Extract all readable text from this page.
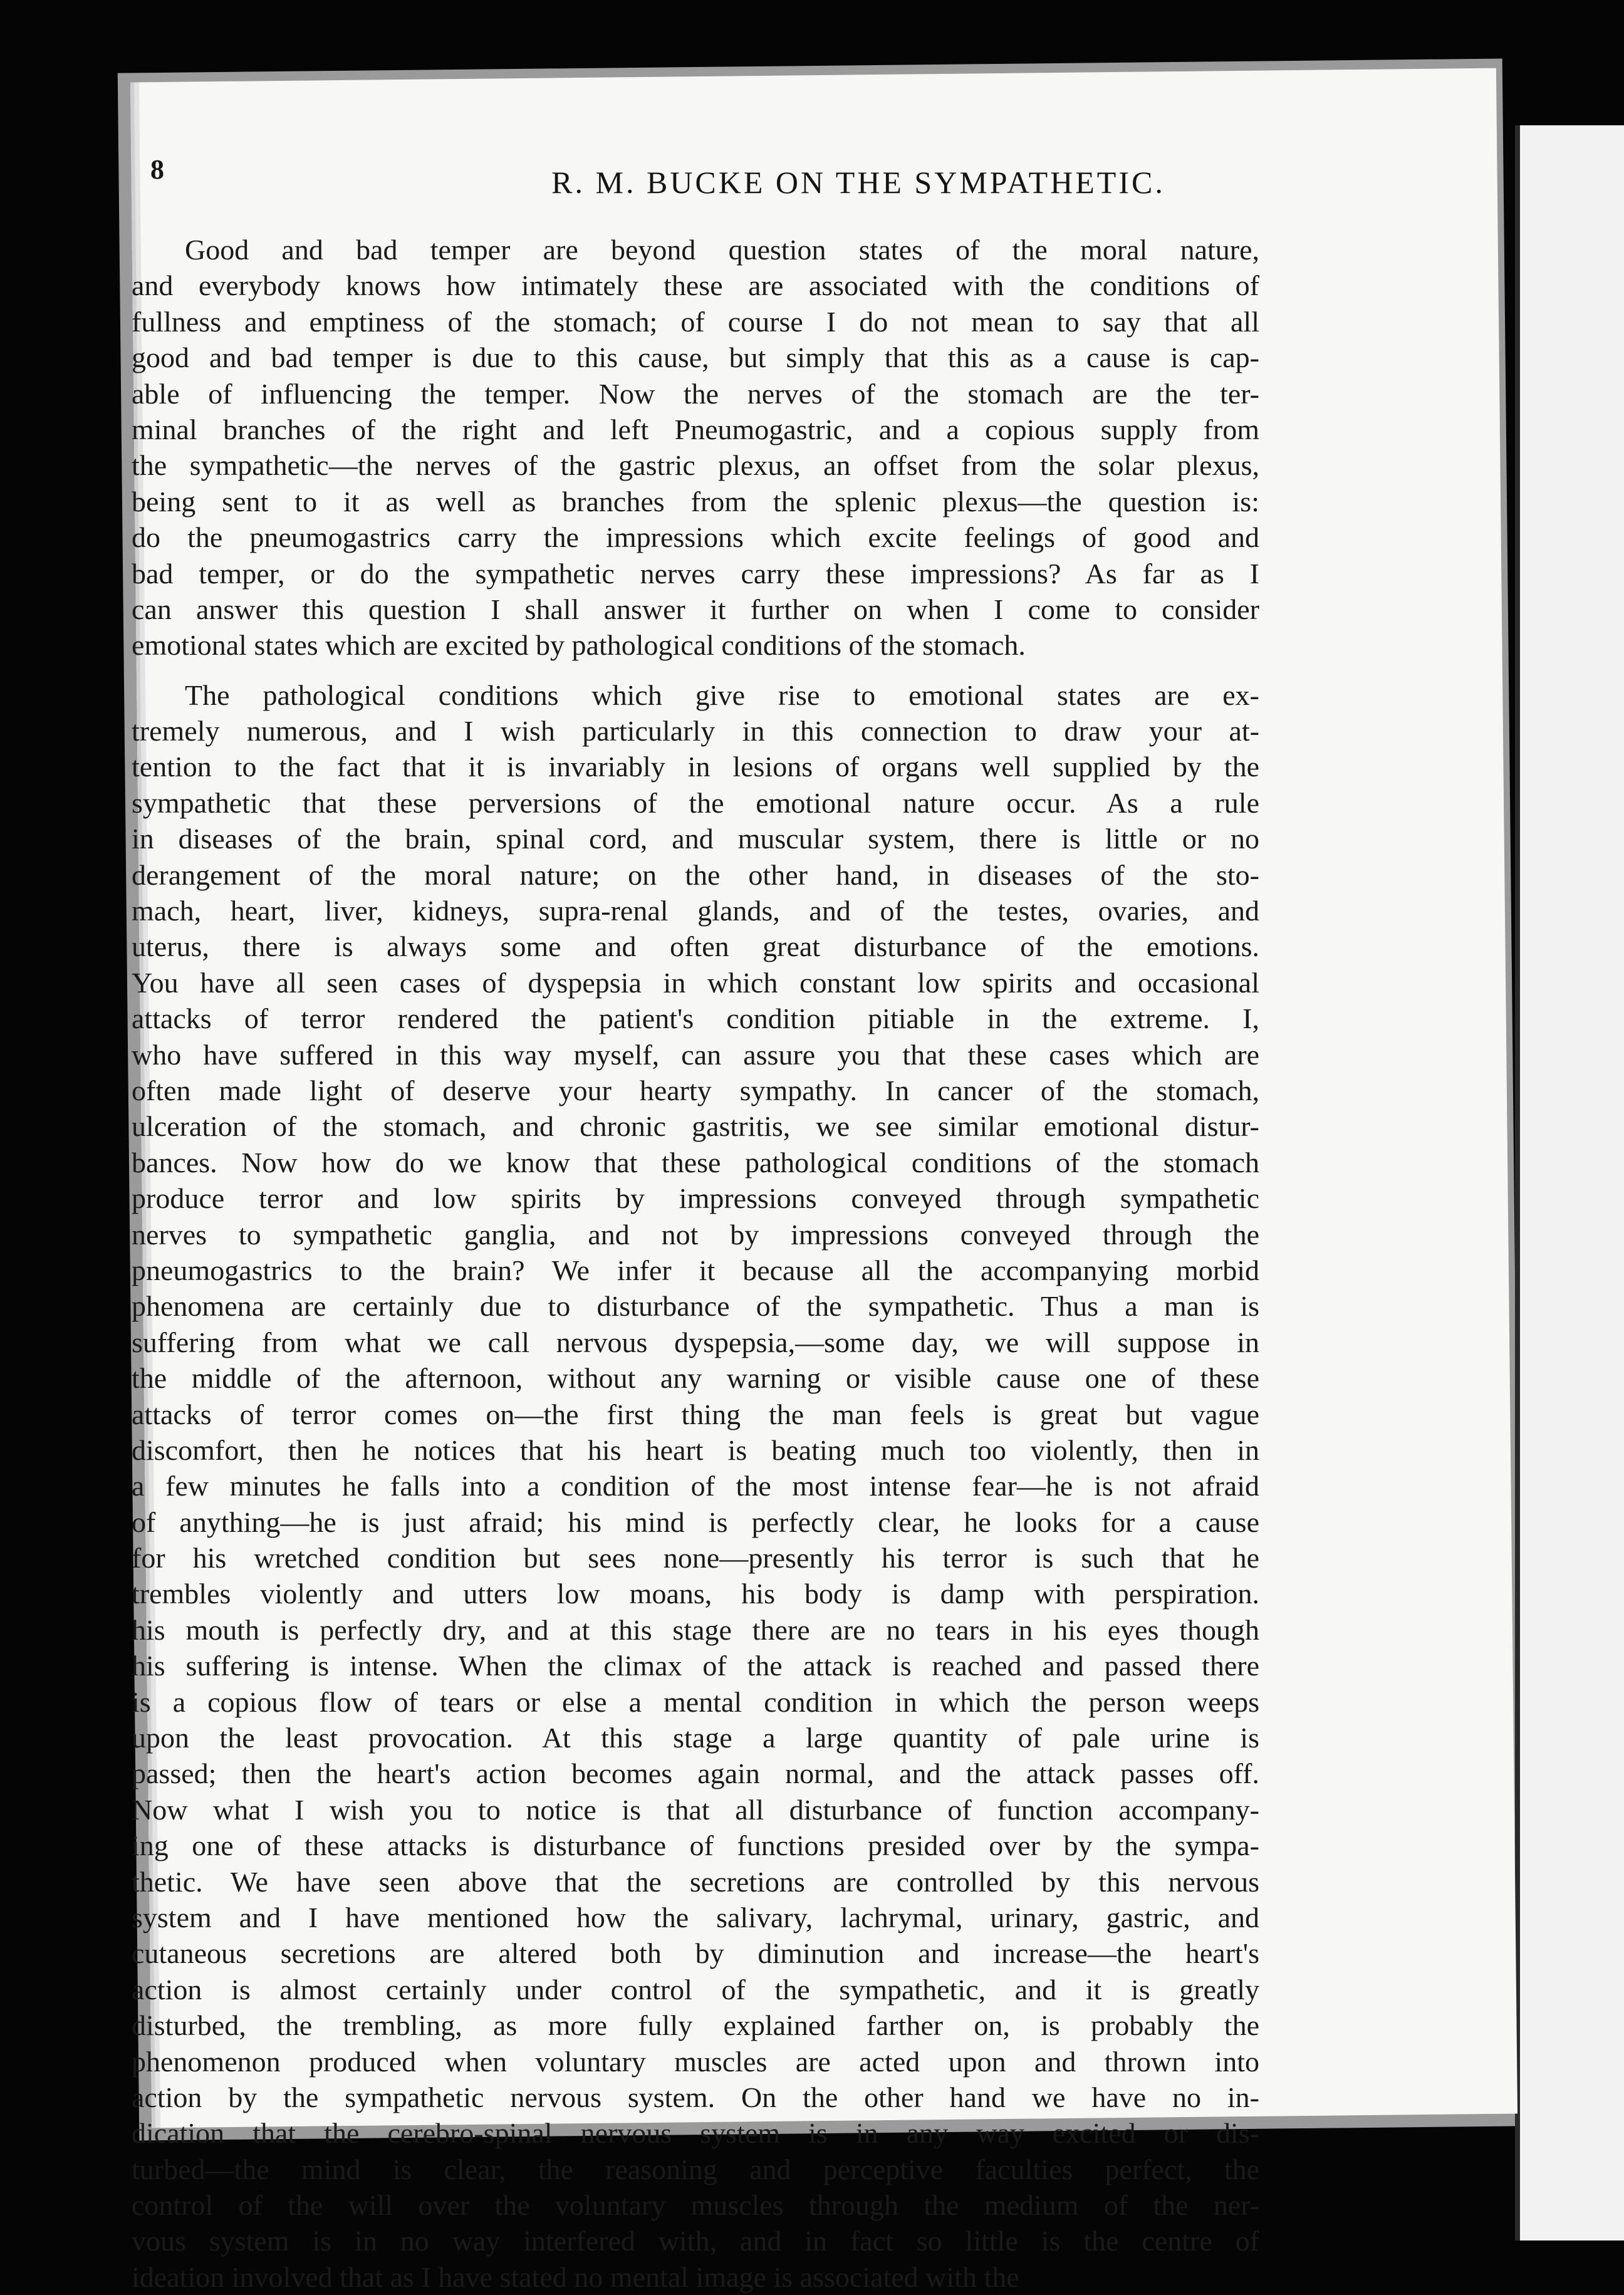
8	R. M. BUCKE ON THE SYMPATHETIC.
Good and bad temper are beyond question states of the moral nature,
and everybody knows how intimately these are associated with the conditions of
fullness and emptiness of the stomach; of course I do not mean to say that all
good and bad temper is due to this cause, but simply that this as a cause is cap-
able of influencing the temper. Now the nerves of the stomach are the ter-
minal branches of the right and left Pneumogastric, and a copious supply from
the sympathetic—the nerves of the gastric plexus, an offset from the solar plexus,
being sent to it as well as branches from the splenic plexus—the question is:
do the pneumogastrics carry the impressions which excite feelings of good and
bad temper, or do the sympathetic nerves carry these impressions? As far as I
can answer this question I shall answer it further on when I come to consider
emotional states which are excited by pathological conditions of the stomach.
The pathological conditions which give rise to emotional states are ex-
tremely numerous, and I wish particularly in this connection to draw your at-
tention to the fact that it is invariably in lesions of organs well supplied by the
sympathetic that these perversions of the emotional nature occur. As a rule
in diseases of the brain, spinal cord, and muscular system, there is little or no
derangement of the moral nature; on the other hand, in diseases of the sto-
mach, heart, liver, kidneys, supra-renal glands, and of the testes, ovaries, and
uterus, there is always some and often great disturbance of the emotions.
You have all seen cases of dyspepsia in which constant low spirits and occasional
attacks of terror rendered the patient's condition pitiable in the extreme. I,
who have suffered in this way myself, can assure you that these cases which are
often made light of deserve your hearty sympathy. In cancer of the stomach,
ulceration of the stomach, and chronic gastritis, we see similar emotional distur-
bances. Now how do we know that these pathological conditions of the stomach
produce terror and low spirits by impressions conveyed through sympathetic
nerves to sympathetic ganglia, and not by impressions conveyed through the
pneumogastrics to the brain? We infer it because all the accompanying morbid
phenomena are certainly due to disturbance of the sympathetic. Thus a man is
suffering from what we call nervous dyspepsia,—some day, we will suppose in
the middle of the afternoon, without any warning or visible cause one of these
attacks of terror comes on—the first thing the man feels is great but vague
discomfort, then he notices that his heart is beating much too violently, then in
a few minutes he falls into a condition of the most intense fear—he is not afraid
of anything—he is just afraid; his mind is perfectly clear, he looks for a cause
for his wretched condition but sees none—presently his terror is such that he
trembles violently and utters low moans, his body is damp with perspiration.
his mouth is perfectly dry, and at this stage there are no tears in his eyes though
his suffering is intense. When the climax of the attack is reached and passed there
is a copious flow of tears or else a mental condition in which the person weeps
upon the least provocation. At this stage a large quantity of pale urine is
passed; then the heart's action becomes again normal, and the attack passes off.
Now what I wish you to notice is that all disturbance of function accompany-
ing one of these attacks is disturbance of functions presided over by the sympa-
thetic. We have seen above that the secretions are controlled by this nervous
system and I have mentioned how the salivary, lachrymal, urinary, gastric, and
cutaneous secretions are altered both by diminution and increase—the heart's
action is almost certainly under control of the sympathetic, and it is greatly
disturbed, the trembling, as more fully explained farther on, is probably the
phenomenon produced when voluntary muscles are acted upon and thrown into
action by the sympathetic nervous system. On the other hand we have no in-
dication that the cerebro-spinal nervous system is in any way excited or dis-
turbed—the mind is clear, the reasoning and perceptive faculties perfect, the
control of the will over the voluntary muscles through the medium of the ner-
vous system is in no way interfered with, and in fact so little is the centre of
ideation involved that as I have stated no mental image is associated with the
